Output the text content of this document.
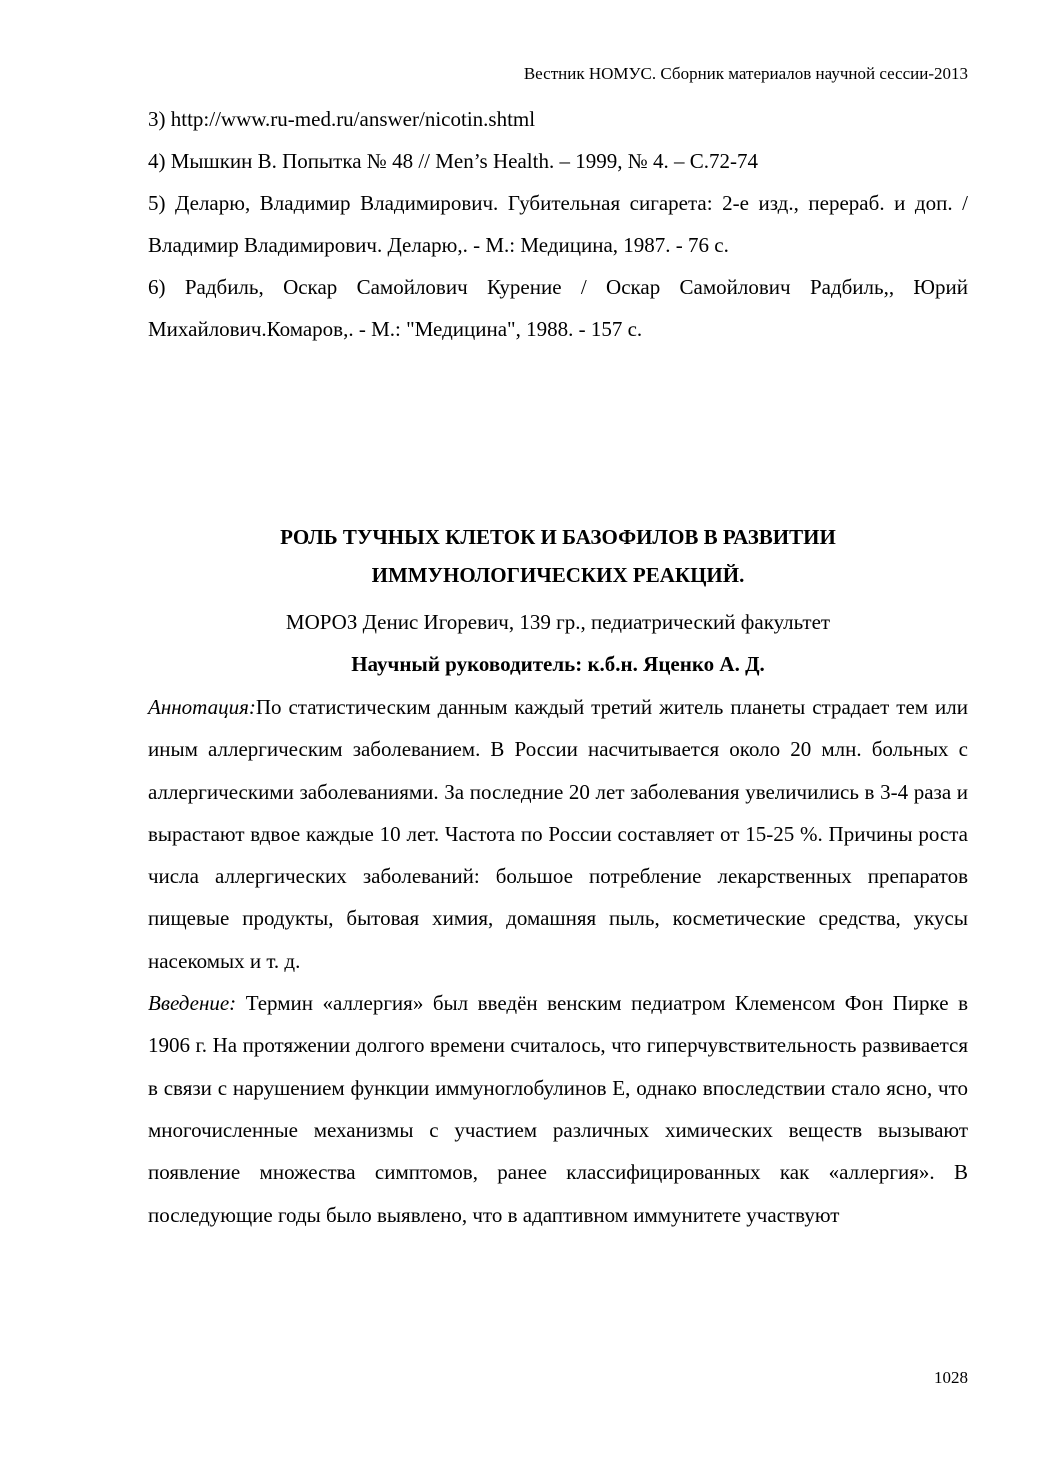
Вестник НОМУС. Сборник материалов научной сессии-2013

3) http://www.ru-med.ru/answer/nicotin.shtml

4) Мышкин В. Попытка № 48 // Men’s Health. – 1999, № 4. – С.72-74

5) Деларю, Владимир Владимирович. Губительная сигарета: 2-е изд., перераб. и доп. / Владимир Владимирович. Деларю,. - М.: Медицина, 1987. - 76 с.

6) Радбиль, Оскар Самойлович Курение / Оскар Самойлович Радбиль,, Юрий Михайлович.Комаров,. - М.: "Медицина", 1988. - 157 с.

РОЛЬ ТУЧНЫХ КЛЕТОК И БАЗОФИЛОВ В РАЗВИТИИ
ИММУНОЛОГИЧЕСКИХ РЕАКЦИЙ.
МОРОЗ Денис Игоревич, 139 гр., педиатрический факультет
Научный руководитель: к.б.н. Яценко А. Д.

Аннотация:По статистическим данным каждый третий житель планеты страдает тем или иным аллергическим заболеванием. В России насчитывается около 20 млн. больных с аллергическими заболеваниями. За последние 20 лет заболевания увеличились в 3-4 раза и вырастают вдвое каждые 10 лет. Частота по России составляет от 15-25 %. Причины роста числа аллергических заболеваний: большое потребление лекарственных препаратов пищевые продукты, бытовая химия, домашняя пыль, косметические средства, укусы насекомых и т. д.

Введение: Термин «аллергия» был введён венским педиатром Клеменсом Фон Пирке в 1906 г. На протяжении долгого времени считалось, что гиперчувствительность развивается в связи с нарушением функции иммуноглобулинов E, однако впоследствии стало ясно, что многочисленные механизмы с участием различных химических веществ вызывают появление множества симптомов, ранее классифицированных как «аллергия». В последующие годы было выявлено, что в адаптивном иммунитете участвуют

1028
